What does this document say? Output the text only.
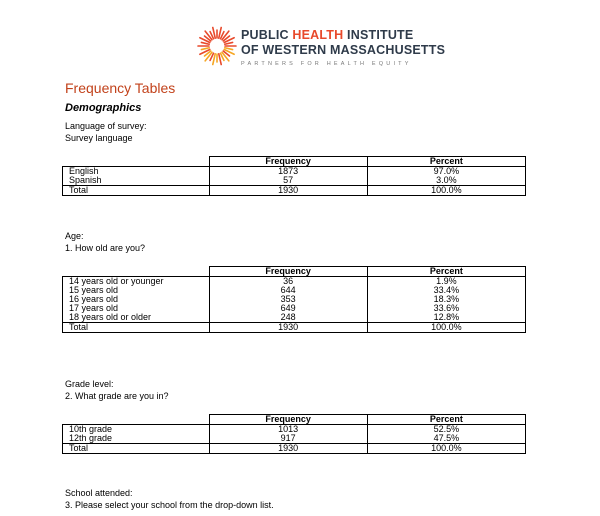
PUBLIC HEALTH INSTITUTE
OF WESTERN MASSACHUSETTS
PARTNERS FOR HEALTH EQUITY
Frequency Tables
Demographics
Language of survey:
Survey language
	Frequency	Percent
English	1873	97.0%
Spanish	57	3.0%
Total	1930	100.0%
Age:
1. How old are you?
	Frequency	Percent
14 years old or younger	36	1.9%
15 years old	644	33.4%
16 years old	353	18.3%
17 years old	649	33.6%
18 years old or older	248	12.8%
Total	1930	100.0%
Grade level:
2. What grade are you in?
	Frequency	Percent
10th grade	1013	52.5%
12th grade	917	47.5%
Total	1930	100.0%
School attended:
3. Please select your school from the drop-down list.
